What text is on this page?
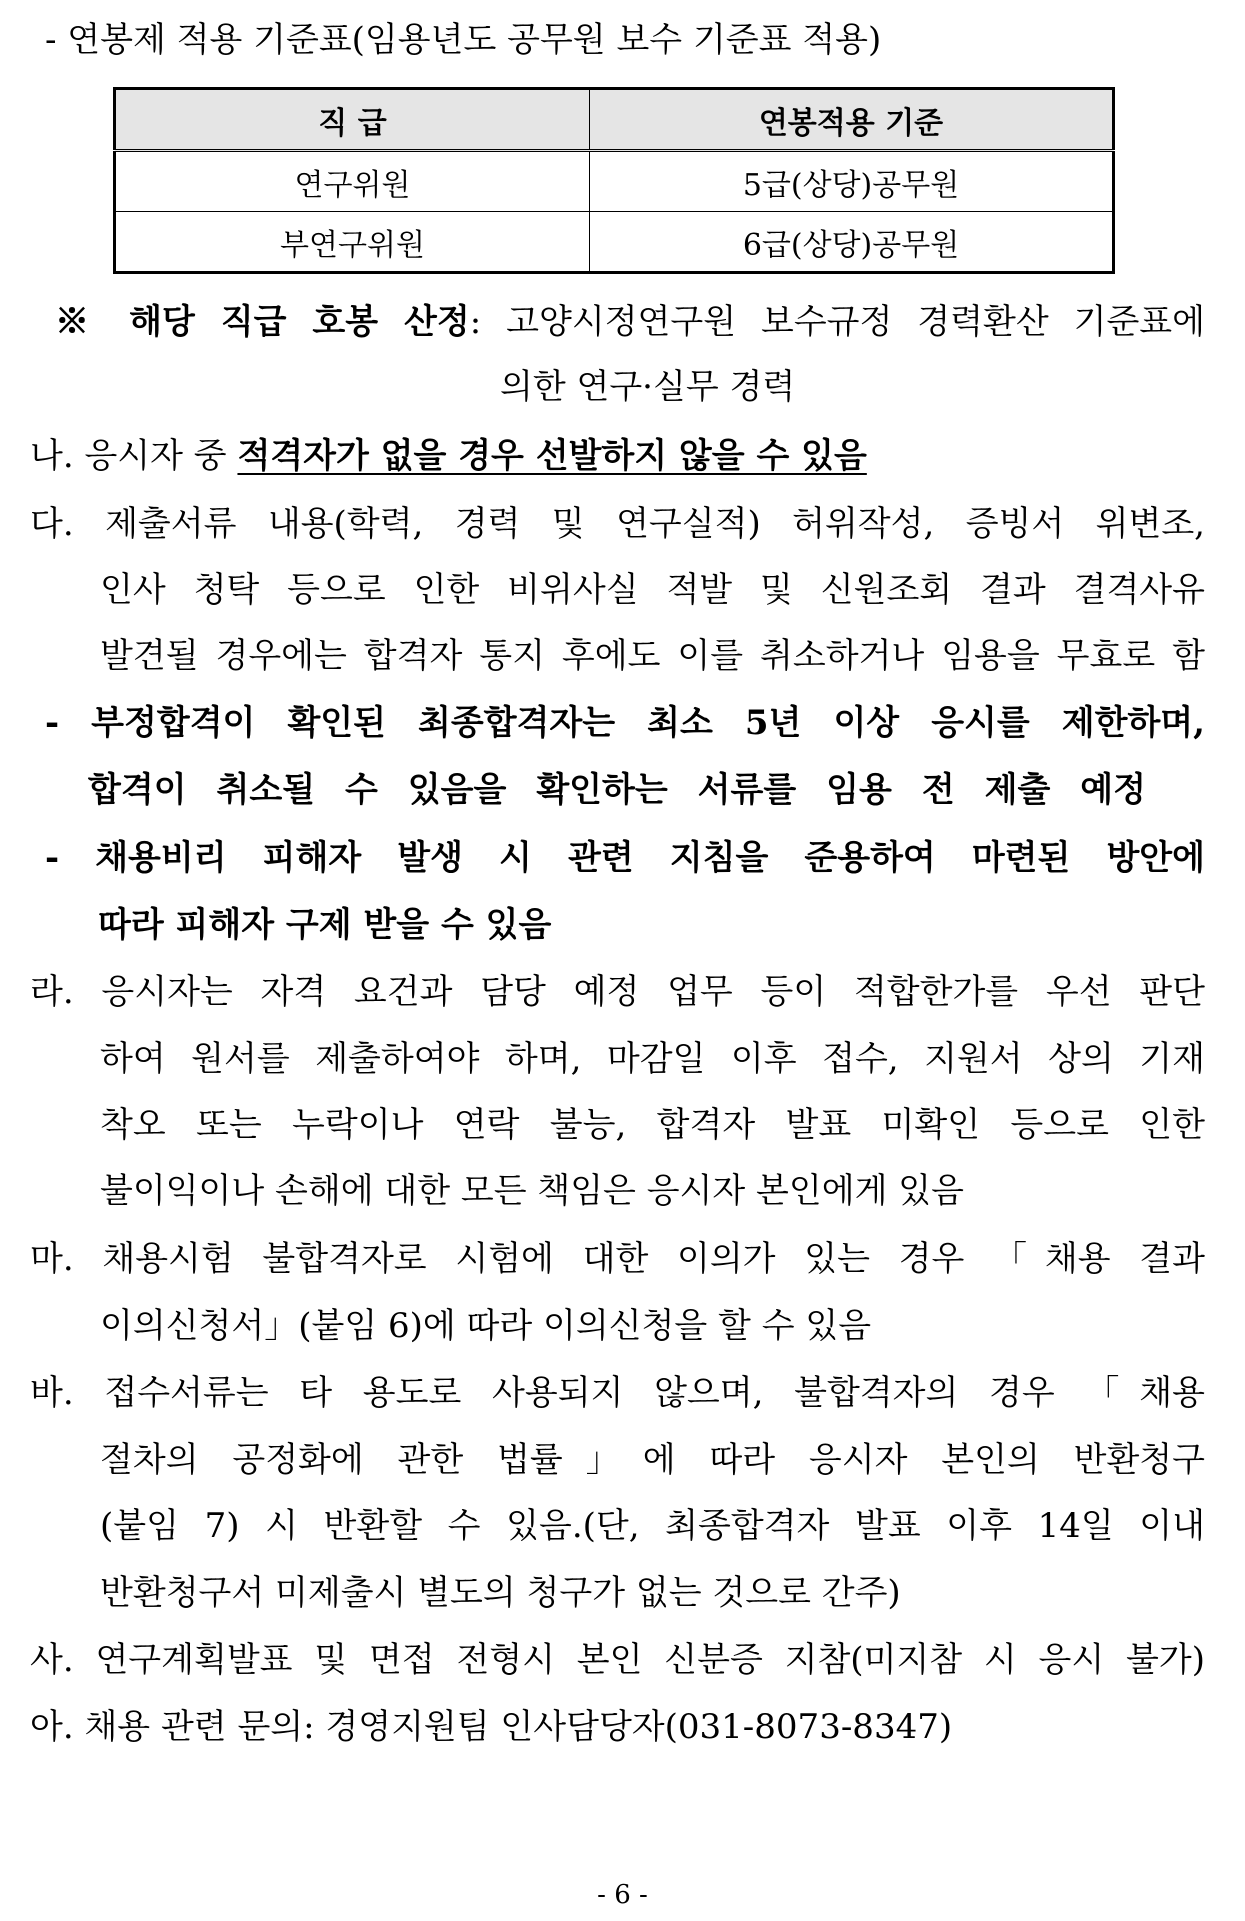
- 연봉제 적용 기준표(임용년도 공무원 보수 기준표 적용)
직 급	연봉적용 기준
연구위원	5급(상당)공무원
부연구위원	6급(상당)공무원
※ 해당 직급 호봉 산정: 고양시정연구원 보수규정 경력환산 기준표에
의한 연구·실무 경력
나. 응시자 중 적격자가 없을 경우 선발하지 않을 수 있음
다. 제출서류 내용(학력, 경력 및 연구실적) 허위작성, 증빙서 위변조,
인사 청탁 등으로 인한 비위사실 적발 및 신원조회 결과 결격사유
발견될 경우에는 합격자 통지 후에도 이를 취소하거나 임용을 무효로 함
- 부정합격이 확인된 최종합격자는 최소 5년 이상 응시를 제한하며,
합격이 취소될 수 있음을 확인하는 서류를 임용 전 제출 예정
- 채용비리 피해자 발생 시 관련 지침을 준용하여 마련된 방안에
따라 피해자 구제 받을 수 있음
라. 응시자는 자격 요건과 담당 예정 업무 등이 적합한가를 우선 판단
하여 원서를 제출하여야 하며, 마감일 이후 접수, 지원서 상의 기재
착오 또는 누락이나 연락 불능, 합격자 발표 미확인 등으로 인한
불이익이나 손해에 대한 모든 책임은 응시자 본인에게 있음
마. 채용시험 불합격자로 시험에 대한 이의가 있는 경우 「채용 결과
이의신청서」(붙임 6)에 따라 이의신청을 할 수 있음
바. 접수서류는 타 용도로 사용되지 않으며, 불합격자의 경우 「채용
절차의 공정화에 관한 법률」에 따라 응시자 본인의 반환청구
(붙임 7) 시 반환할 수 있음.(단, 최종합격자 발표 이후 14일 이내
반환청구서 미제출시 별도의 청구가 없는 것으로 간주)
사. 연구계획발표 및 면접 전형시 본인 신분증 지참(미지참 시 응시 불가)
아. 채용 관련 문의: 경영지원팀 인사담당자(031-8073-8347)
- 6 -
